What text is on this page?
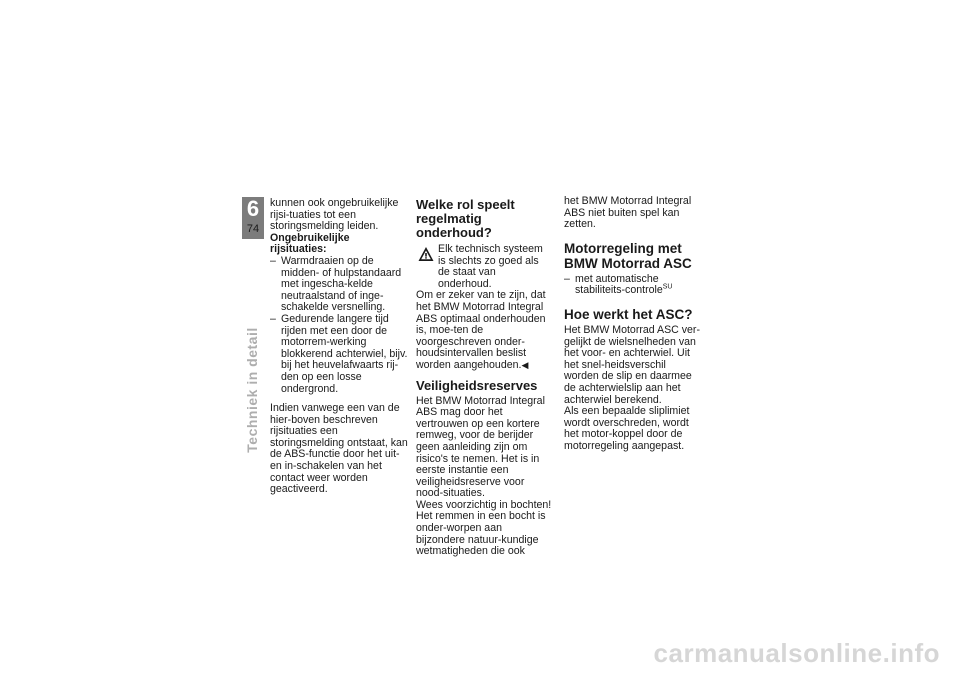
6
74
Techniek in detail

kunnen ook ongebruikelijke rijsi-tuaties tot een storingsmelding leiden.

Ongebruikelijke rijsituaties:

– Warmdraaien op de midden- of hulpstandaard met ingescha-kelde neutraalstand of inge-schakelde versnelling.
– Gedurende langere tijd rijden met een door de motorrem-werking blokkerend achterwiel, bijv. bij het heuvelafwaarts rij-den op een losse ondergrond.

Indien vanwege een van de hier-boven beschreven rijsituaties een storingsmelding ontstaat, kan de ABS-functie door het uit- en in-schakelen van het contact weer worden geactiveerd.

Welke rol speelt regelmatig onderhoud?
Elk technisch systeem is slechts zo goed als de staat van onderhoud.

Om er zeker van te zijn, dat het BMW Motorrad Integral ABS optimaal onderhouden is, moe-ten de voorgeschreven onder-houdsintervallen beslist worden aangehouden.◀

Veiligheidsreserves

Het BMW Motorrad Integral ABS mag door het vertrouwen op een kortere remweg, voor de berijder geen aanleiding zijn om risico's te nemen. Het is in eerste instantie een veiligheidsreserve voor nood-situaties.

Wees voorzichtig in bochten! Het remmen in een bocht is onder-worpen aan bijzondere natuur-kundige wetmatigheden die ook

het BMW Motorrad Integral ABS niet buiten spel kan zetten.

Motorregeling met BMW Motorrad ASC
– met automatische stabiliteits-controle$^{SU}$
Hoe werkt het ASC?

Het BMW Motorrad ASC ver-gelijkt de wielsnelheden van het voor- en achterwiel. Uit het snel-heidsverschil worden de slip en daarmee de achterwielslip aan het achterwiel berekend.

Als een bepaalde sliplimiet wordt overschreden, wordt het motor-koppel door de motorregeling aangepast.

carmanualsonline.info
